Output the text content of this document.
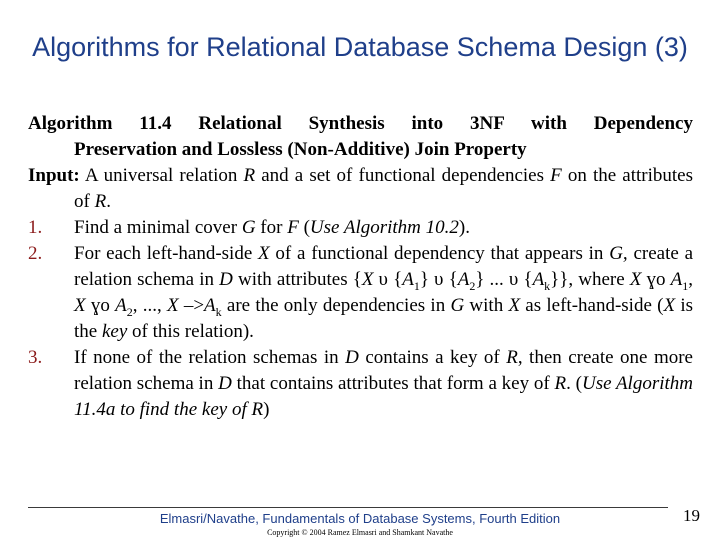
Algorithms for Relational Database Schema Design (3)

Algorithm 11.4 Relational Synthesis into 3NF with Dependency
Preservation and Lossless (Non-Additive) Join Property

Input: A universal relation R and a set of functional dependencies F on the attributes of R.

1. Find a minimal cover G for F (Use Algorithm 10.2).

2. For each left-hand-side X of a functional dependency that appears in G, create a relation schema in D with attributes {X υ $\{A_1\}$ υ $\{A_2\}$ ... υ $\{A_k\}$}, where X ɣo $A_1$, X ɣo $A_2$, ..., X $->A_k$ are the only dependencies in G with X as left-hand-side (X is the key of this relation).

3. If none of the relation schemas in D contains a key of R, then create one more relation schema in D that contains attributes that form a key of R. (Use Algorithm 11.4a to find the key of R)

Elmasri/Navathe, Fundamentals of Database Systems, Fourth Edition
Copyright © 2004 Ramez Elmasri and Shamkant Navathe
19
